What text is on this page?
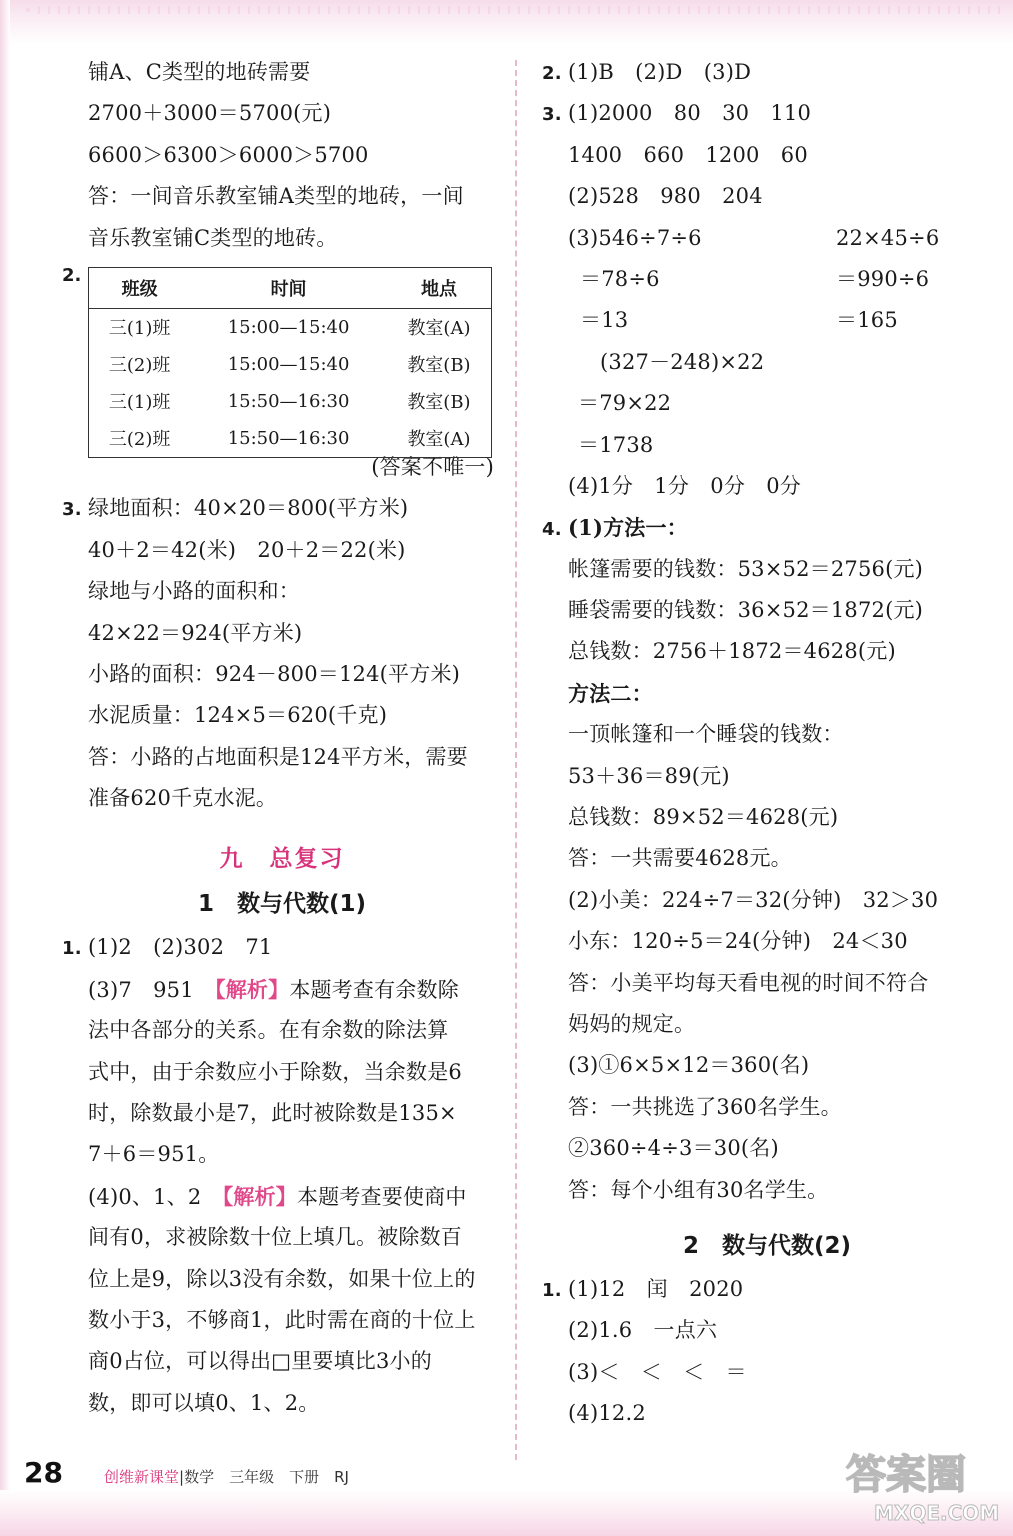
铺A、C类型的地砖需要
2700＋3000＝5700(元)
6600＞6300＞6000＞5700
答：一间音乐教室铺A类型的地砖，一间
音乐教室铺C类型的地砖。
2.
班级	时间	地点
三(1)班	15:00—15:40	教室(A)
三(2)班	15:00—15:40	教室(B)
三(1)班	15:50—16:30	教室(B)
三(2)班	15:50—16:30	教室(A)
(答案不唯一)
3. 绿地面积：40×20＝800(平方米)
40＋2＝42(米)　20＋2＝22(米)
绿地与小路的面积和：
42×22＝924(平方米)
小路的面积：924－800＝124(平方米)
水泥质量：124×5＝620(千克)
答：小路的占地面积是124平方米，需要
准备620千克水泥。
九　总复习
1　数与代数(1)
1. (1)2　(2)302　71
(3)7　951　【解析】本题考查有余数除
法中各部分的关系。在有余数的除法算
式中，由于余数应小于除数，当余数是6
时，除数最小是7，此时被除数是135×
7＋6＝951。
(4)0、1、2　【解析】本题考查要使商中
间有0，求被除数十位上填几。被除数百
位上是9，除以3没有余数，如果十位上的
数小于3，不够商1，此时需在商的十位上
商0占位，可以得出□里要填比3小的
数，即可以填0、1、2。
2. (1)B　(2)D　(3)D
3. (1)2000　80　30　110
1400　660　1200　60
(2)528　980　204
(3)546÷7÷6	22×45÷6
＝78÷6	＝990÷6
＝13	＝165
(327－248)×22
＝79×22
＝1738
(4)1分　1分　0分　0分
4. (1)方法一：
帐篷需要的钱数：53×52＝2756(元)
睡袋需要的钱数：36×52＝1872(元)
总钱数：2756＋1872＝4628(元)
方法二：
一顶帐篷和一个睡袋的钱数：
53＋36＝89(元)
总钱数：89×52＝4628(元)
答：一共需要4628元。
(2)小美：224÷7＝32(分钟)　32＞30
小东：120÷5＝24(分钟)　24＜30
答：小美平均每天看电视的时间不符合
妈妈的规定。
(3)①6×5×12＝360(名)
答：一共挑选了360名学生。
②360÷4÷3＝30(名)
答：每个小组有30名学生。
2　数与代数(2)
1. (1)12　闰　2020
(2)1.6　一点六
(3)＜　＜　＜　＝
(4)12.2
28	创维新课堂|数学　三年级　下册　RJ	答案圈
MXQE.COM
